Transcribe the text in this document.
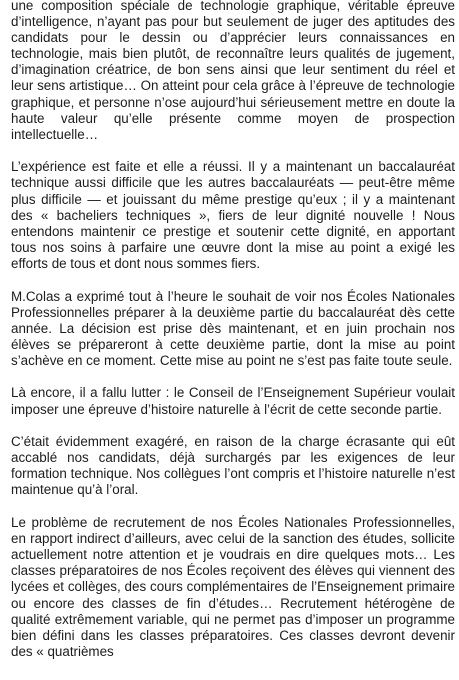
une composition spéciale de technologie graphique, véritable épreuve d’intelligence, n’ayant pas pour but seulement de juger des aptitudes des candidats pour le dessin ou d’apprécier leurs connaissances en technologie, mais bien plutôt, de reconnaître leurs qualités de jugement, d’imagination créatrice, de bon sens ainsi que leur sentiment du réel et leur sens artistique… On atteint pour cela grâce à l’épreuve de technologie graphique, et personne n’ose aujourd’hui sérieusement mettre en doute la haute valeur qu’elle présente comme moyen de prospection intellectuelle…

L’expérience est faite et elle a réussi. Il y a maintenant un baccalauréat technique aussi difficile que les autres baccalauréats — peut-être même plus difficile — et jouissant du même prestige qu’eux ; il y a maintenant des « bacheliers techniques », fiers de leur dignité nouvelle ! Nous entendons maintenir ce prestige et soutenir cette dignité, en apportant tous nos soins à parfaire une œuvre dont la mise au point a exigé les efforts de tous et dont nous sommes fiers.

M.Colas a exprimé tout à l’heure le souhait de voir nos Écoles Nationales Professionnelles préparer à la deuxième partie du baccalauréat dès cette année. La décision est prise dès maintenant, et en juin prochain nos élèves se prépareront à cette deuxième partie, dont la mise au point s’achève en ce moment. Cette mise au point ne s’est pas faite toute seule.

Là encore, il a fallu lutter : le Conseil de l’Enseignement Supérieur voulait imposer une épreuve d’histoire naturelle à l’écrit de cette seconde partie.

C’était évidemment exagéré, en raison de la charge écrasante qui eût accablé nos candidats, déjà surchargés par les exigences de leur formation technique. Nos collègues l’ont compris et l’histoire naturelle n’est maintenue qu’à l’oral.

Le problème de recrutement de nos Écoles Nationales Professionnelles, en rapport indirect d’ailleurs, avec celui de la sanction des études, sollicite actuellement notre attention et je voudrais en dire quelques mots… Les classes préparatoires de nos Écoles reçoivent des élèves qui viennent des lycées et collèges, des cours complémentaires de l’Enseignement primaire ou encore des classes de fin d’études… Recrutement hétérogène de qualité extrêmement variable, qui ne permet pas d’imposer un programme bien défini dans les classes préparatoires. Ces classes devront devenir des « quatrièmes
